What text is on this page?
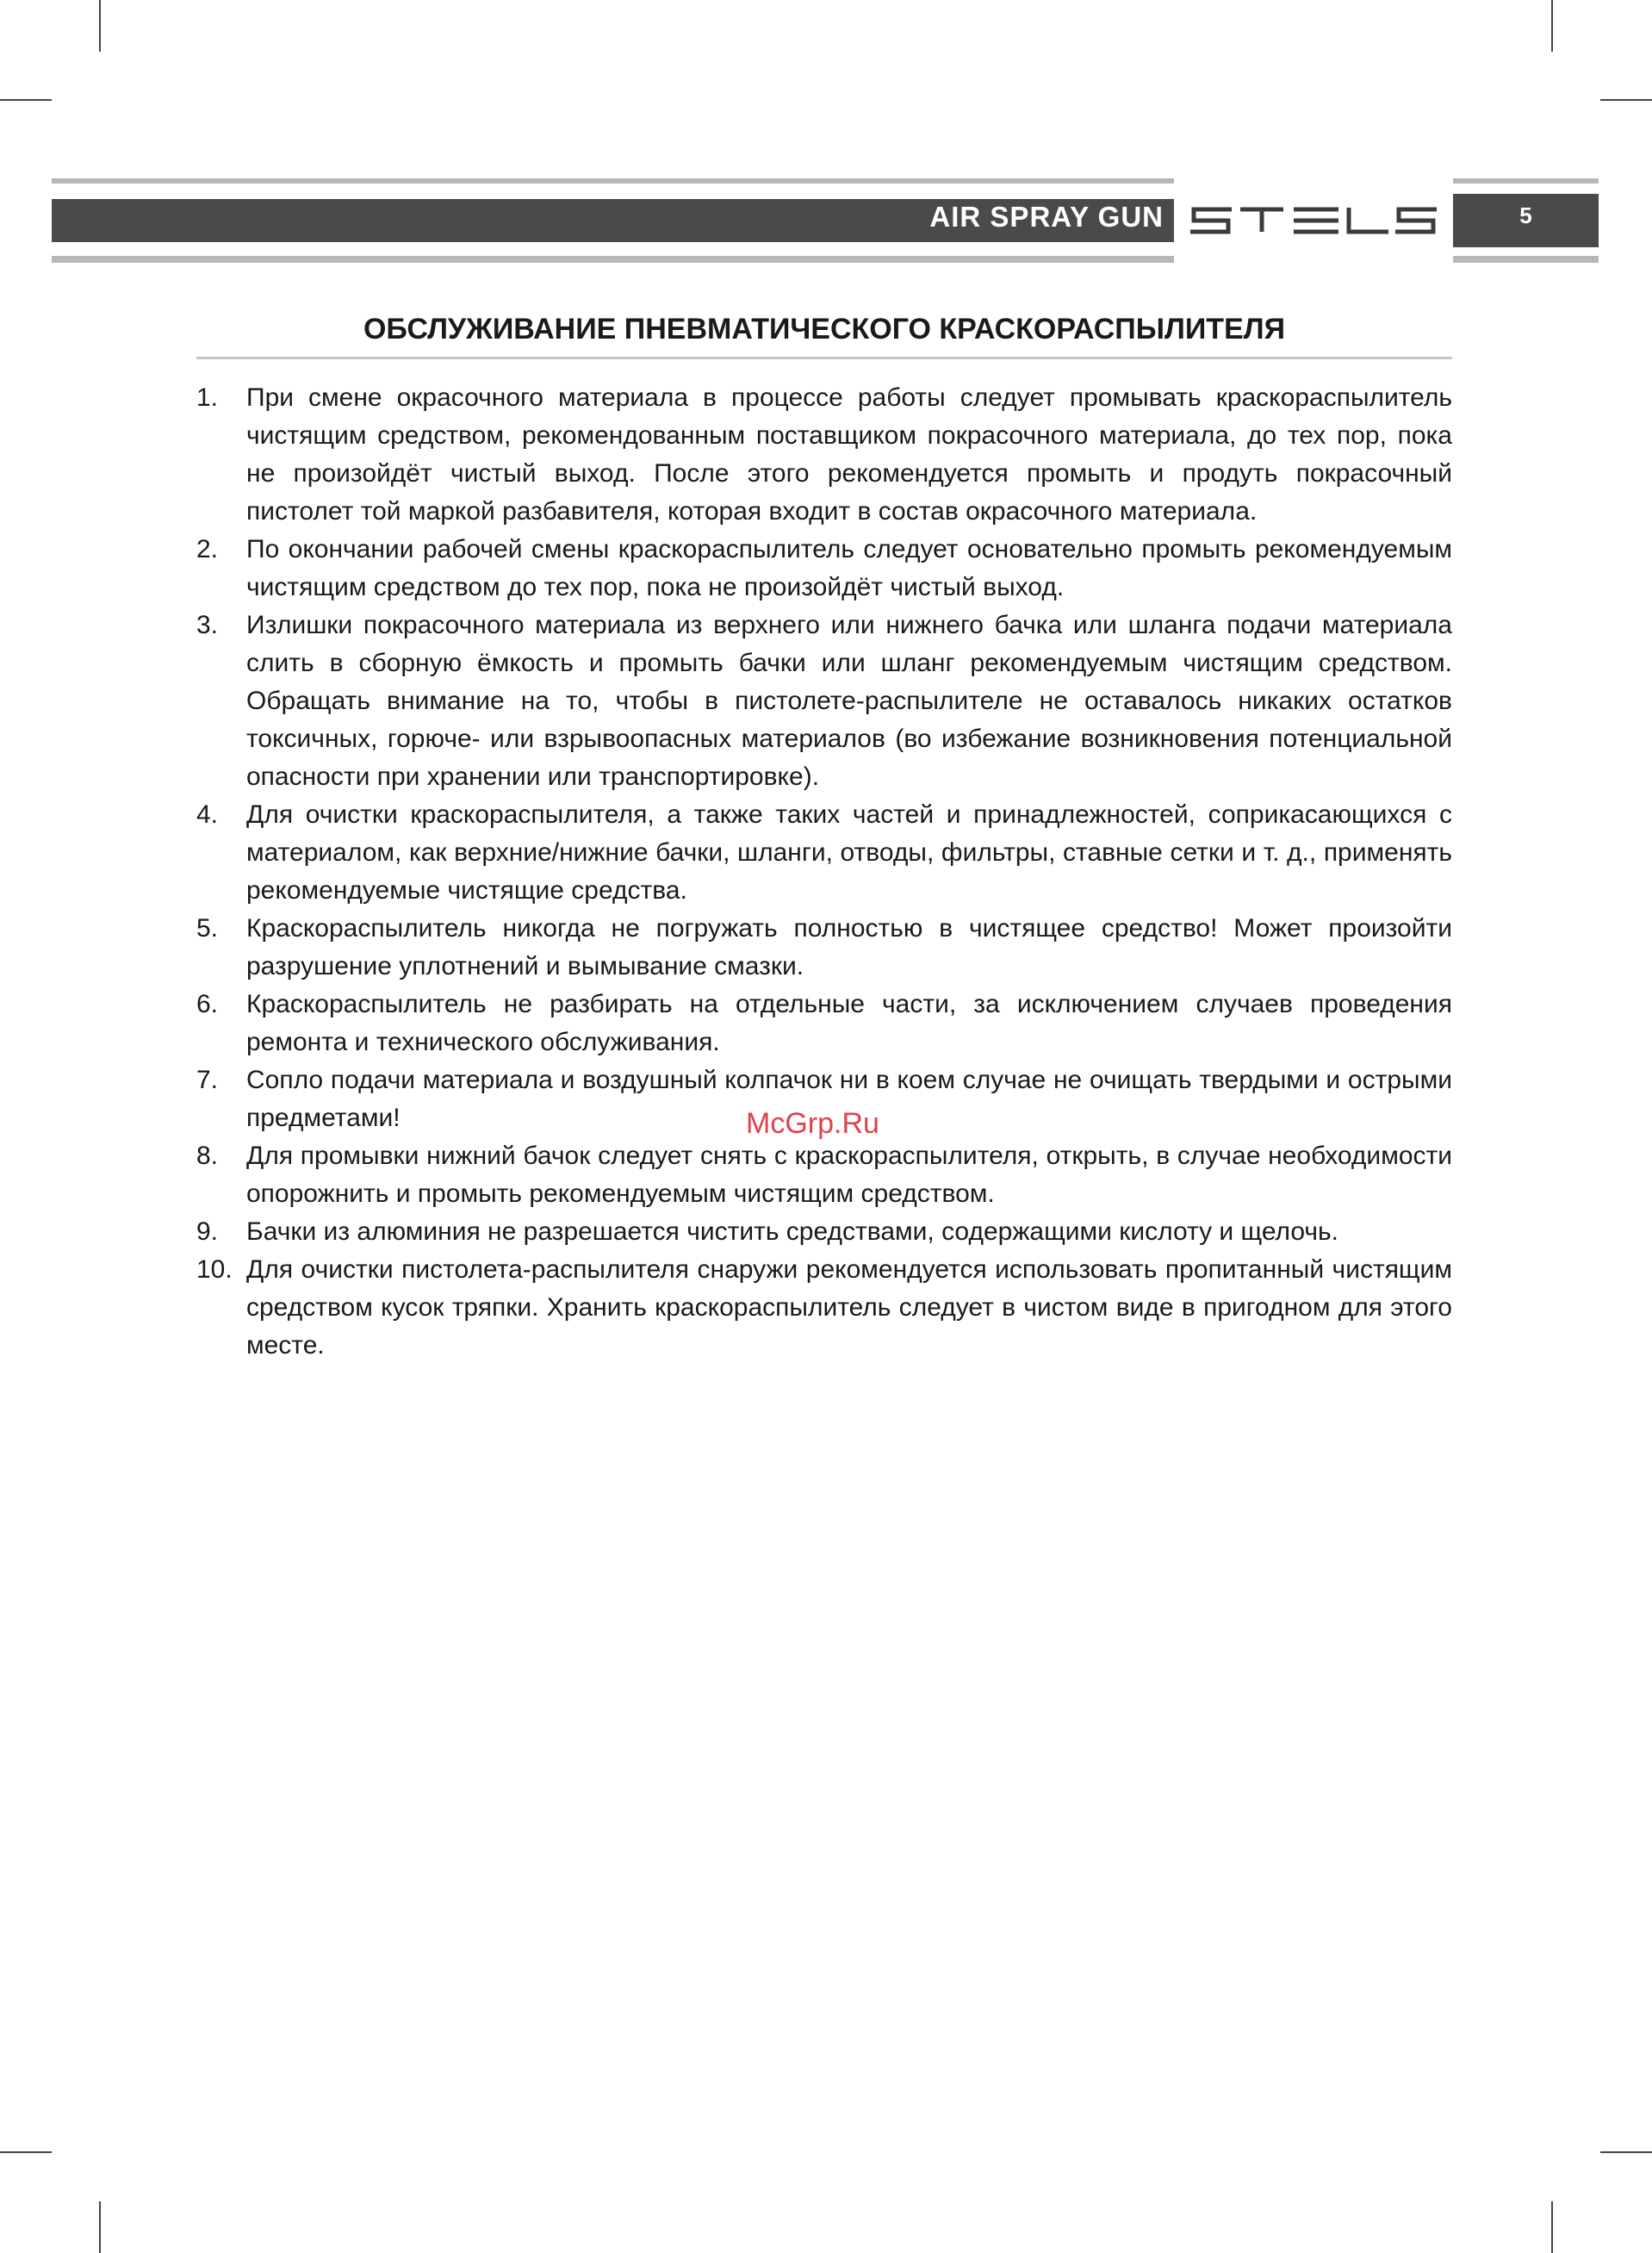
AIR SPRAY GUN	5
ОБСЛУЖИВАНИЕ ПНЕВМАТИЧЕСКОГО КРАСКОРАСПЫЛИТЕЛЯ
1. При смене окрасочного материала в процессе работы следует промывать краскораспылитель чистящим средством, рекомендованным поставщиком покрасочного материала, до тех пор, пока не произойдёт чистый выход. После этого рекомендуется промыть и продуть покрасочный пистолет той маркой разбавителя, которая входит в состав окрасочного материала.
2. По окончании рабочей смены краскораспылитель следует основательно промыть рекомендуемым чистящим средством до тех пор, пока не произойдёт чистый выход.
3. Излишки покрасочного материала из верхнего или нижнего бачка или шланга подачи материала слить в сборную ёмкость и промыть бачки или шланг рекомендуемым чистящим средством. Обращать внимание на то, чтобы в пистолете-распылителе не оставалось никаких остатков токсичных, горюче- или взрывоопасных материалов (во избежание возникновения потенциальной опасности при хранении или транспортировке).
4. Для очистки краскораспылителя, а также таких частей и принадлежностей, соприкасающихся с материалом, как верхние/нижние бачки, шланги, отводы, фильтры, ставные сетки и т. д., применять рекомендуемые чистящие средства.
5. Краскораспылитель никогда не погружать полностью в чистящее средство! Может произойти разрушение уплотнений и вымывание смазки.
6. Краскораспылитель не разбирать на отдельные части, за исключением случаев проведения ремонта и технического обслуживания.
7. Сопло подачи материала и воздушный колпачок ни в коем случае не очищать твердыми и острыми предметами!
8. Для промывки нижний бачок следует снять с краскораспылителя, открыть, в случае необходимости опорожнить и промыть рекомендуемым чистящим средством.
9. Бачки из алюминия не разрешается чистить средствами, содержащими кислоту и щелочь.
10. Для очистки пистолета-распылителя снаружи рекомендуется использовать пропитанный чистящим средством кусок тряпки. Хранить краскораспылитель следует в чистом виде в пригодном для этого месте.
McGrp.Ru
